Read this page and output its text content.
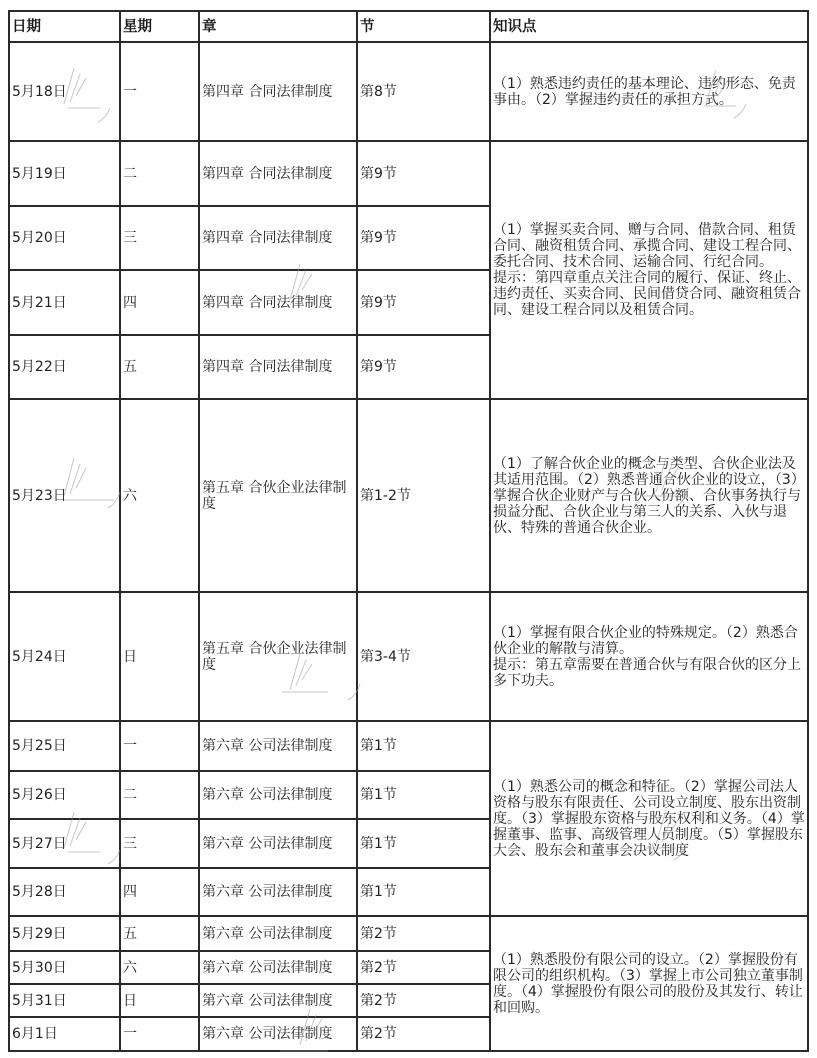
日期	星期	章	节	知识点
5月18日	一	第四章 合同法律制度	第8节	（1）熟悉违约责任的基本理论、违约形态、免责事由。（2）掌握违约责任的承担方式。

5月19日	二	第四章 合同法律制度	第9节	（1）掌握买卖合同、赠与合同、借款合同、租赁合同、融资租赁合同、承揽合同、建设工程合同、委托合同、技术合同、运输合同、行纪合同。

提示：第四章重点关注合同的履行、保证、终止、违约责任、买卖合同、民间借贷合同、融资租赁合同、建设工程合同以及租赁合同。

5月20日	三	第四章 合同法律制度	第9节	
5月21日	四	第四章 合同法律制度	第9节	
5月22日	五	第四章 合同法律制度	第9节	
5月23日	六	第五章 合伙企业法律制度	第1-2节	（1）了解合伙企业的概念与类型、合伙企业法及其适用范围。（2）熟悉普通合伙企业的设立，（3）掌握合伙企业财产与合伙人份额、合伙事务执行与损益分配、合伙企业与第三人的关系、入伙与退伙、特殊的普通合伙企业。

5月24日	日	第五章 合伙企业法律制度	第3-4节	（1）掌握有限合伙企业的特殊规定。（2）熟悉合伙企业的解散与清算。

提示：第五章需要在普通合伙与有限合伙的区分上多下功夫。

5月25日	一	第六章 公司法律制度	第1节	（1）熟悉公司的概念和特征。（2）掌握公司法人资格与股东有限责任、公司设立制度、股东出资制度。（3）掌握股东资格与股东权利和义务。（4）掌握董事、监事、高级管理人员制度。（5）掌握股东大会、股东会和董事会决议制度

5月26日	二	第六章 公司法律制度	第1节	
5月27日	三	第六章 公司法律制度	第1节	
5月28日	四	第六章 公司法律制度	第1节	
5月29日	五	第六章 公司法律制度	第2节	（1）熟悉股份有限公司的设立。（2）掌握股份有限公司的组织机构。（3）掌握上市公司独立董事制度。（4）掌握股份有限公司的股份及其发行、转让和回购。

5月30日	六	第六章 公司法律制度	第2节	
5月31日	日	第六章 公司法律制度	第2节	
6月1日	一	第六章 公司法律制度	第2节	
